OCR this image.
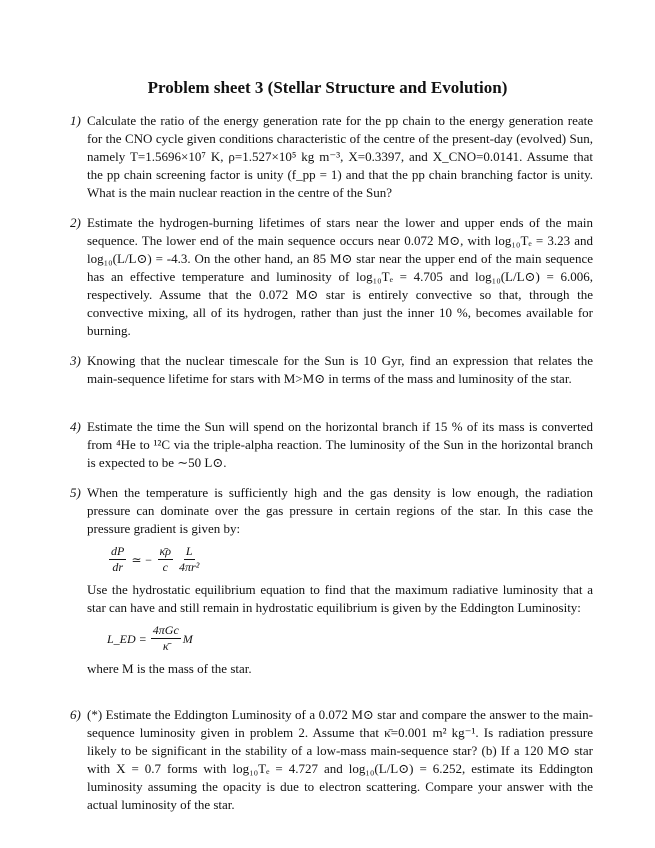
Problem sheet 3 (Stellar Structure and Evolution)
1) Calculate the ratio of the energy generation rate for the pp chain to the energy generation reate for the CNO cycle given conditions characteristic of the centre of the present-day (evolved) Sun, namely T=1.5696×10⁷ K, ρ=1.527×10⁵ kg m⁻³, X=0.3397, and X_CNO=0.0141. Assume that the pp chain screening factor is unity (f_pp = 1) and that the pp chain branching factor is unity. What is the main nuclear reaction in the centre of the Sun?
2) Estimate the hydrogen-burning lifetimes of stars near the lower and upper ends of the main sequence. The lower end of the main sequence occurs near 0.072 M⊙, with log₁₀Tₑ = 3.23 and log₁₀(L/L⊙) = -4.3. On the other hand, an 85 M⊙ star near the upper end of the main sequence has an effective temperature and luminosity of log₁₀Tₑ = 4.705 and log₁₀(L/L⊙) = 6.006, respectively. Assume that the 0.072 M⊙ star is entirely convective so that, through the convective mixing, all of its hydrogen, rather than just the inner 10 %, becomes available for burning.
3) Knowing that the nuclear timescale for the Sun is 10 Gyr, find an expression that relates the main-sequence lifetime for stars with M>M⊙ in terms of the mass and luminosity of the star.
4) Estimate the time the Sun will spend on the horizontal branch if 15 % of its mass is converted from ⁴He to ¹²C via the triple-alpha reaction. The luminosity of the Sun in the horizontal branch is expected to be ∼50 L⊙.
5) When the temperature is sufficiently high and the gas density is low enough, the radiation pressure can dominate over the gas pressure in certain regions of the star. In this case the pressure gradient is given by:
$\frac{dP}{dr}$ ≃ − $\frac{\kappā\rho}{c} \frac{L}{\text{4πr²}}$
Use the hydrostatic equilibrium equation to find that the maximum radiative luminosity that a star can have and still remain in hydrostatic equilibrium is given by the Eddington Luminosity:
L_ED = $\frac{\text{4πGc}}{\kappā}$ M
where M is the mass of the star.
6) (*) Estimate the Eddington Luminosity of a 0.072 M⊙ star and compare the answer to the main-sequence luminosity given in problem 2. Assume that κ̄=0.001 m² kg⁻¹. Is radiation pressure likely to be significant in the stability of a low-mass main-sequence star? (b) If a 120 M⊙ star with X = 0.7 forms with log₁₀Tₑ = 4.727 and log₁₀(L/L⊙) = 6.252, estimate its Eddington luminosity assuming the opacity is due to electron scattering. Compare your answer with the actual luminosity of the star.
